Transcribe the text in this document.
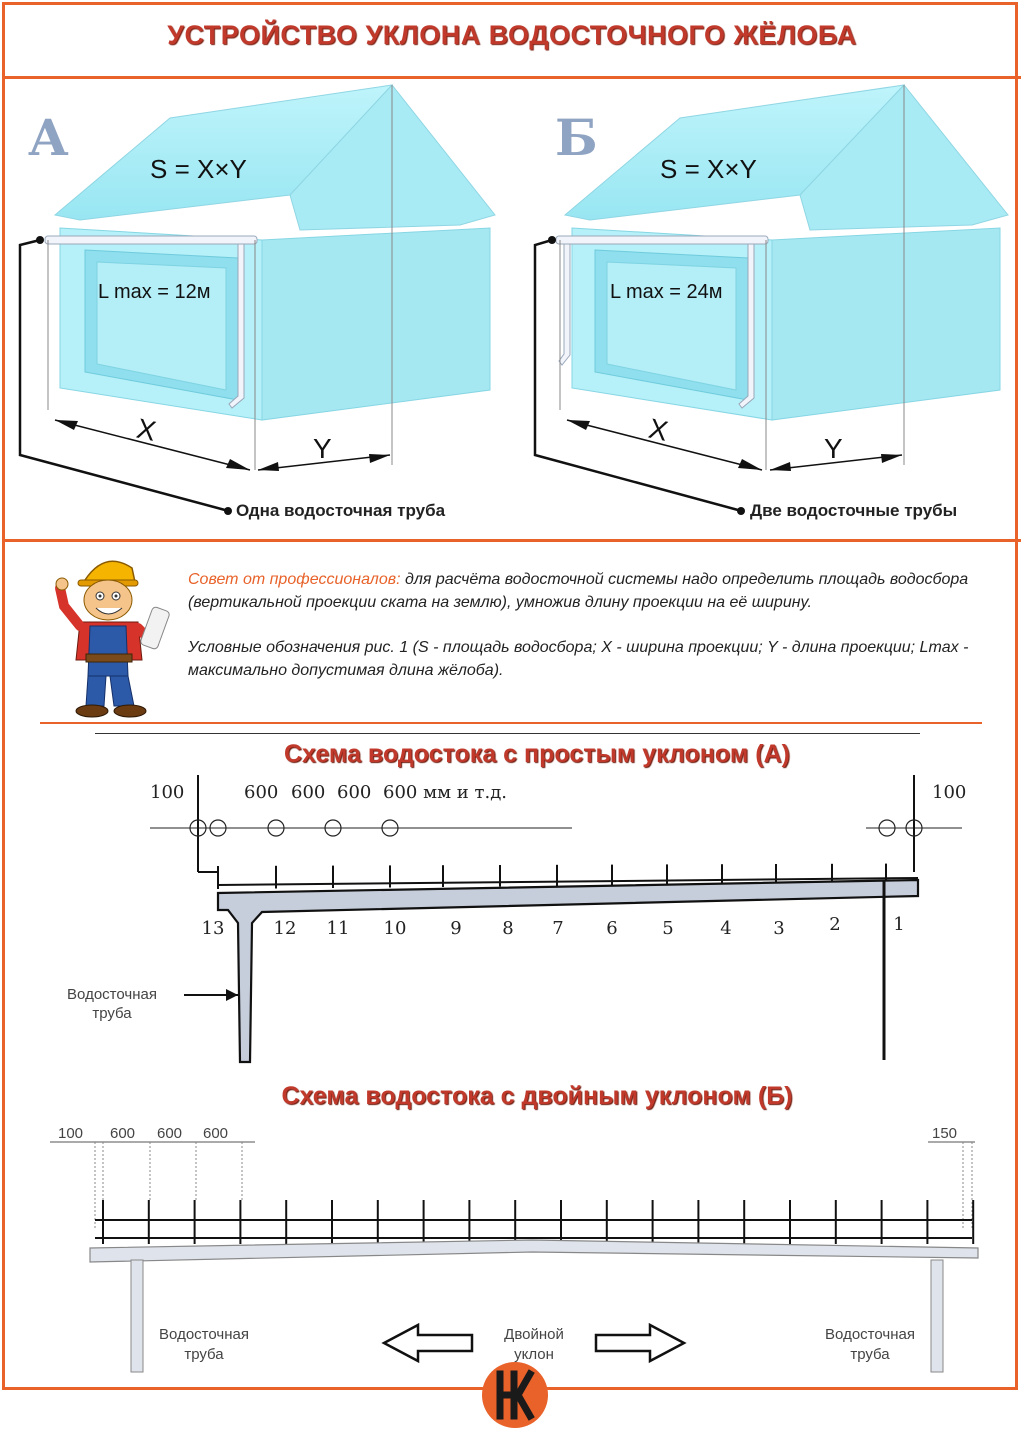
УСТРОЙСТВО УКЛОНА ВОДОСТОЧНОГО ЖЁЛОБА
А
S = X×Y
L max = 12м
X
Y
Одна водосточная труба
Б
S = X×Y
L max = 24м
X
Y
Две водосточные трубы

Совет от профессионалов: для расчёта водосточной системы надо определить площадь водосбора (вертикальной проекции ската на землю), умножив длину проекции на её ширину.

Условные обозначения рис. 1 (S - площадь водосбора; X - ширина проекции; Y - длина проекции; Lmax - максимально допустимая длина жёлоба).

Схема водостока с простым уклоном (А)
100	600 600 600 600 мм и т.д.	100
13	12 11 10 9 8 7 6 5	4 3 2	1
Водосточная
труба
Схема водостока с двойным уклоном (Б)
100 600 600 600	150
Водосточная
труба
Двойной
уклон
Водосточная
труба
